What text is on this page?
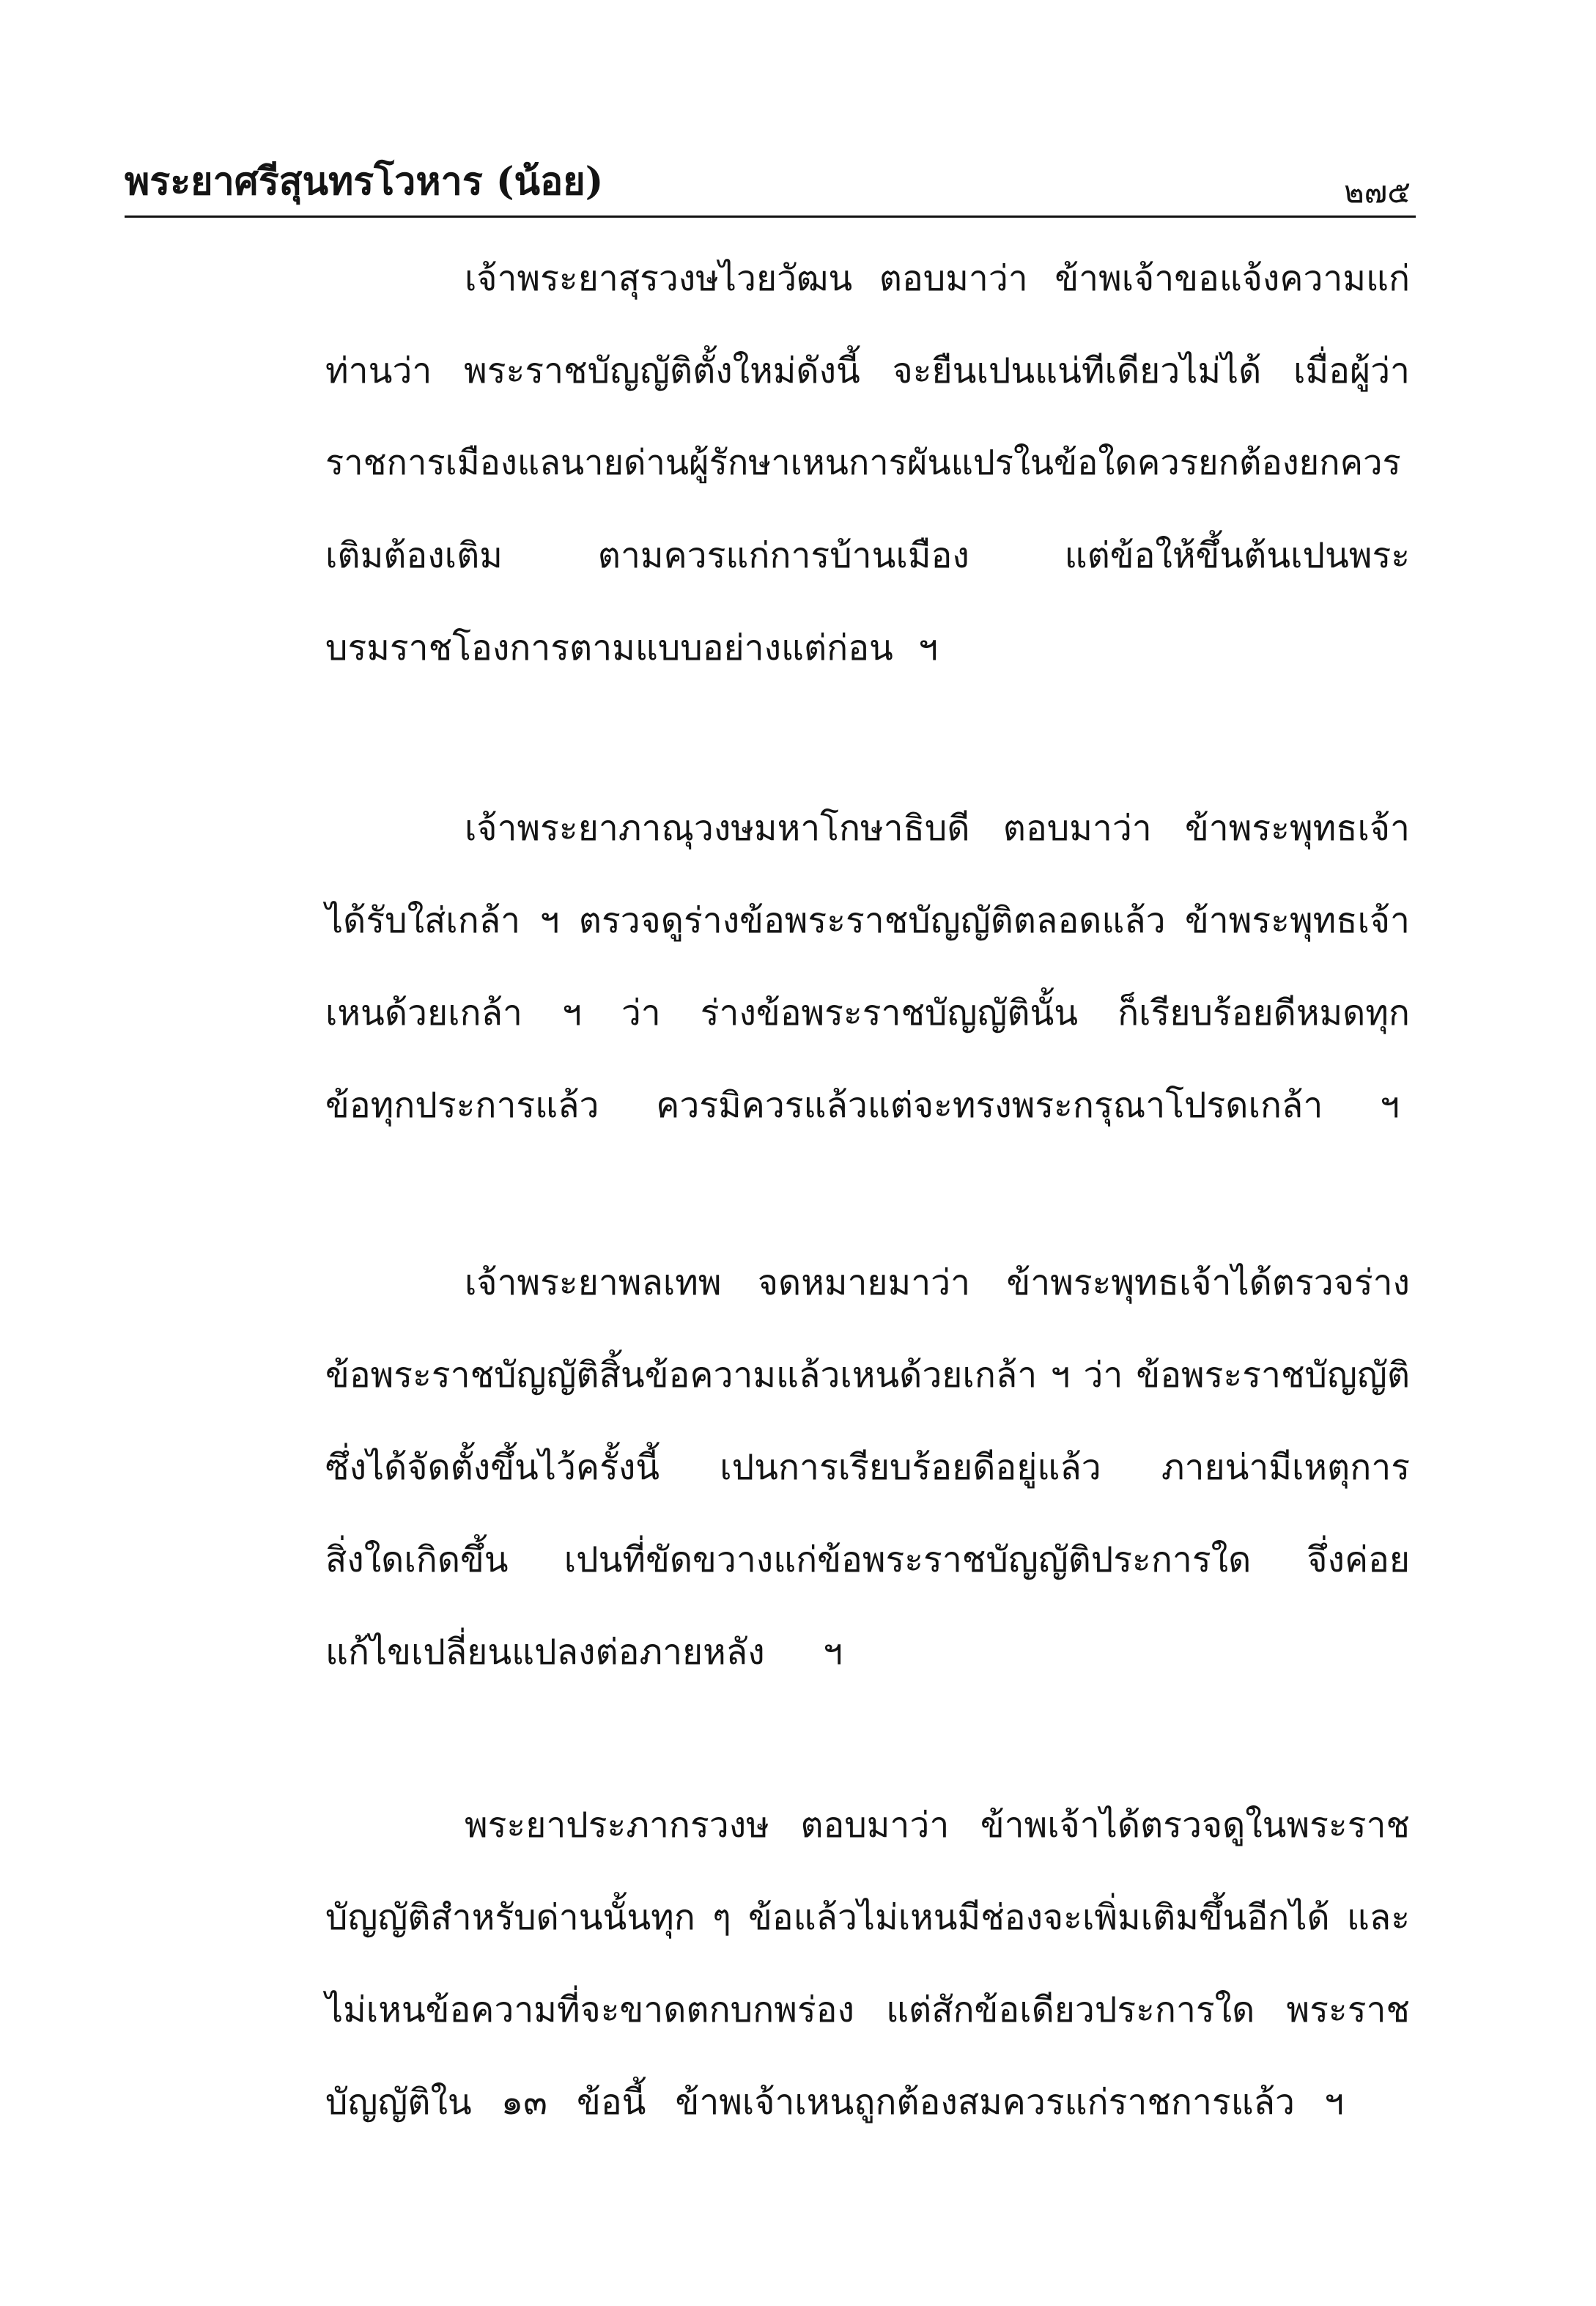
พระยาศรีสุนทรโวหาร (น้อย)	๒๗๕
เจ้าพระยาสุรวงษไวยวัฒน ตอบมาว่า ข้าพเจ้าขอแจ้งความแก่
ท่านว่า พระราชบัญญัติตั้งใหม่ดังนี้ จะยืนเปนแน่ทีเดียวไม่ได้ เมื่อผู้ว่า
ราชการเมืองแลนายด่านผู้รักษาเหนการผันแปรในข้อใดควรยกต้องยกควร
เติมต้องเติม ตามควรแก่การบ้านเมือง แต่ข้อให้ขึ้นต้นเปนพระ
บรมราชโองการตามแบบอย่างแต่ก่อน ฯ
เจ้าพระยาภาณุวงษมหาโกษาธิบดี ตอบมาว่า ข้าพระพุทธเจ้า
ได้รับใส่เกล้า ฯ ตรวจดูร่างข้อพระราชบัญญัติตลอดแล้ว ข้าพระพุทธเจ้า
เหนด้วยเกล้า ฯ ว่า ร่างข้อพระราชบัญญัตินั้น ก็เรียบร้อยดีหมดทุก
ข้อทุกประการแล้ว ควรมิควรแล้วแต่จะทรงพระกรุณาโปรดเกล้า ฯ
เจ้าพระยาพลเทพ จดหมายมาว่า ข้าพระพุทธเจ้าได้ตรวจร่าง
ข้อพระราชบัญญัติสิ้นข้อความแล้วเหนด้วยเกล้า ฯ ว่า ข้อพระราชบัญญัติ
ซึ่งได้จัดตั้งขึ้นไว้ครั้งนี้ เปนการเรียบร้อยดีอยู่แล้ว ภายน่ามีเหตุการ
สิ่งใดเกิดขึ้น เปนที่ขัดขวางแก่ข้อพระราชบัญญัติประการใด จึ่งค่อย
แก้ไขเปลี่ยนแปลงต่อภายหลัง ฯ
พระยาประภากรวงษ ตอบมาว่า ข้าพเจ้าได้ตรวจดูในพระราช
บัญญัติสำหรับด่านนั้นทุก ๆ ข้อแล้วไม่เหนมีช่องจะเพิ่มเติมขึ้นอีกได้ และ
ไม่เหนข้อความที่จะขาดตกบกพร่อง แต่สักข้อเดียวประการใด พระราช
บัญญัติใน ๑๓ ข้อนี้ ข้าพเจ้าเหนถูกต้องสมควรแก่ราชการแล้ว ฯ
